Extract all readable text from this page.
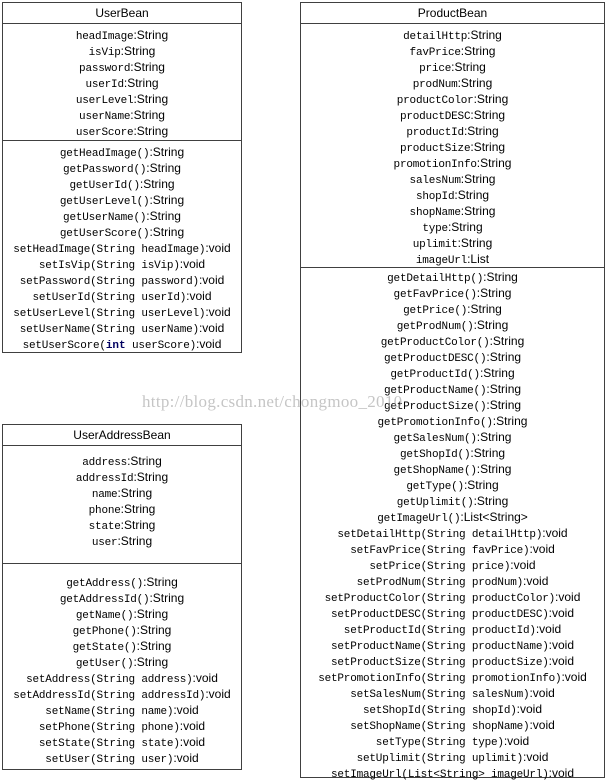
UserBean
headImage:String
isVip:String
password:String
userId:String
userLevel:String
userName:String
userScore:String
getHeadImage():String
getPassword():String
getUserId():String
getUserLevel():String
getUserName():String
getUserScore():String
setHeadImage(String headImage):void
setIsVip(String isVip):void
setPassword(String password):void
setUserId(String userId):void
setUserLevel(String userLevel):void
setUserName(String userName):void
setUserScore(int userScore):void
UserAddressBean
address:String
addressId:String
name:String
phone:String
state:String
user:String
getAddress():String
getAddressId():String
getName():String
getPhone():String
getState():String
getUser():String
setAddress(String address):void
setAddressId(String addressId):void
setName(String name):void
setPhone(String phone):void
setState(String state):void
setUser(String user):void
ProductBean
detailHttp:String
favPrice:String
price:String
prodNum:String
productColor:String
productDESC:String
productId:String
productSize:String
promotionInfo:String
salesNum:String
shopId:String
shopName:String
type:String
uplimit:String
imageUrl:List
getDetailHttp():String
getFavPrice():String
getPrice():String
getProdNum():String
getProductColor():String
getProductDESC():String
getProductId():String
getProductName():String
getProductSize():String
getPromotionInfo():String
getSalesNum():String
getShopId():String
getShopName():String
getType():String
getUplimit():String
getImageUrl():List<String>
setDetailHttp(String detailHttp):void
setFavPrice(String favPrice):void
setPrice(String price):void
setProdNum(String prodNum):void
setProductColor(String productColor):void
setProductDESC(String productDESC):void
setProductId(String productId):void
setProductName(String productName):void
setProductSize(String productSize):void
setPromotionInfo(String promotionInfo):void
setSalesNum(String salesNum):void
setShopId(String shopId):void
setShopName(String shopName):void
setType(String type):void
setUplimit(String uplimit):void
setImageUrl(List<String> imageUrl):void
http://blog.csdn.net/chongmoo_2010
